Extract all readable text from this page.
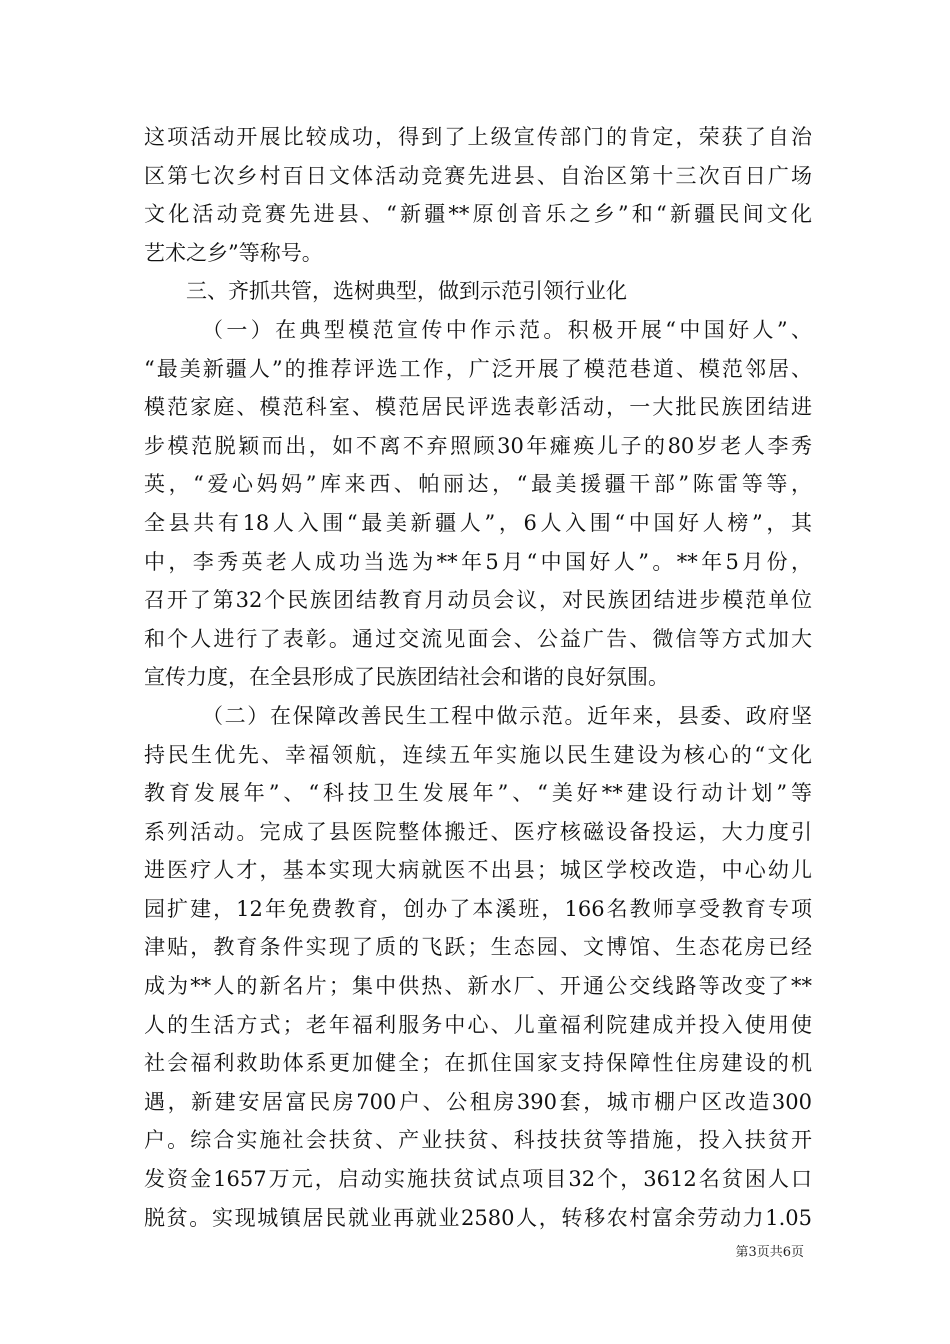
这项活动开展比较成功，得到了上级宣传部门的肯定，荣获了自治
区第七次乡村百日文体活动竞赛先进县、自治区第十三次百日广场
文化活动竞赛先进县、“新疆**原创音乐之乡”和“新疆民间文化
艺术之乡”等称号。
三、齐抓共管，选树典型，做到示范引领行业化
（一）在典型模范宣传中作示范。积极开展“中国好人”、
“最美新疆人”的推荐评选工作，广泛开展了模范巷道、模范邻居、
模范家庭、模范科室、模范居民评选表彰活动，一大批民族团结进
步模范脱颖而出，如不离不弃照顾30年瘫痪儿子的80岁老人李秀
英，“爱心妈妈”库来西、帕丽达，“最美援疆干部”陈雷等等，
全县共有18人入围“最美新疆人”，6人入围“中国好人榜”，其
中，李秀英老人成功当选为**年5月“中国好人”。**年5月份，
召开了第32个民族团结教育月动员会议，对民族团结进步模范单位
和个人进行了表彰。通过交流见面会、公益广告、微信等方式加大
宣传力度，在全县形成了民族团结社会和谐的良好氛围。
（二）在保障改善民生工程中做示范。近年来，县委、政府坚
持民生优先、幸福领航，连续五年实施以民生建设为核心的“文化
教育发展年”、“科技卫生发展年”、“美好**建设行动计划”等
系列活动。完成了县医院整体搬迁、医疗核磁设备投运，大力度引
进医疗人才，基本实现大病就医不出县；城区学校改造，中心幼儿
园扩建，12年免费教育，创办了本溪班，166名教师享受教育专项
津贴，教育条件实现了质的飞跃；生态园、文博馆、生态花房已经
成为**人的新名片；集中供热、新水厂、开通公交线路等改变了**
人的生活方式；老年福利服务中心、儿童福利院建成并投入使用使
社会福利救助体系更加健全；在抓住国家支持保障性住房建设的机
遇，新建安居富民房700户、公租房390套，城市棚户区改造300
户。综合实施社会扶贫、产业扶贫、科技扶贫等措施，投入扶贫开
发资金1657万元，启动实施扶贫试点项目32个，3612名贫困人口
脱贫。实现城镇居民就业再就业2580人，转移农村富余劳动力1.05
第3页共6页
